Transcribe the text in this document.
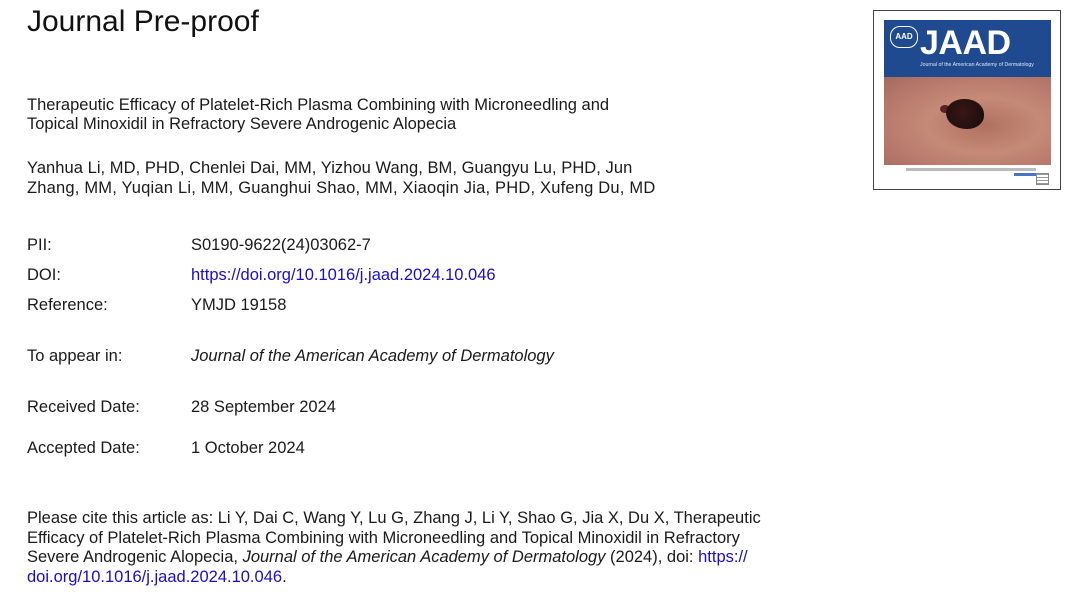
Journal Pre-proof
Therapeutic Efficacy of Platelet-Rich Plasma Combining with Microneedling and
Topical Minoxidil in Refractory Severe Androgenic Alopecia
Yanhua Li, MD, PHD, Chenlei Dai, MM, Yizhou Wang, BM, Guangyu Lu, PHD, Jun
Zhang, MM, Yuqian Li, MM, Guanghui Shao, MM, Xiaoqin Jia, PHD, Xufeng Du, MD
PII:	S0190-9622(24)03062-7
DOI:	https://doi.org/10.1016/j.jaad.2024.10.046
Reference:	YMJD 19158
To appear in:	Journal of the American Academy of Dermatology
Received Date:	28 September 2024
Accepted Date:	1 October 2024
Please cite this article as: Li Y, Dai C, Wang Y, Lu G, Zhang J, Li Y, Shao G, Jia X, Du X, Therapeutic
Efficacy of Platelet-Rich Plasma Combining with Microneedling and Topical Minoxidil in Refractory
Severe Androgenic Alopecia, Journal of the American Academy of Dermatology (2024), doi: https://
doi.org/10.1016/j.jaad.2024.10.046.
AAD JAAD
Journal of the American Academy of Dermatology
